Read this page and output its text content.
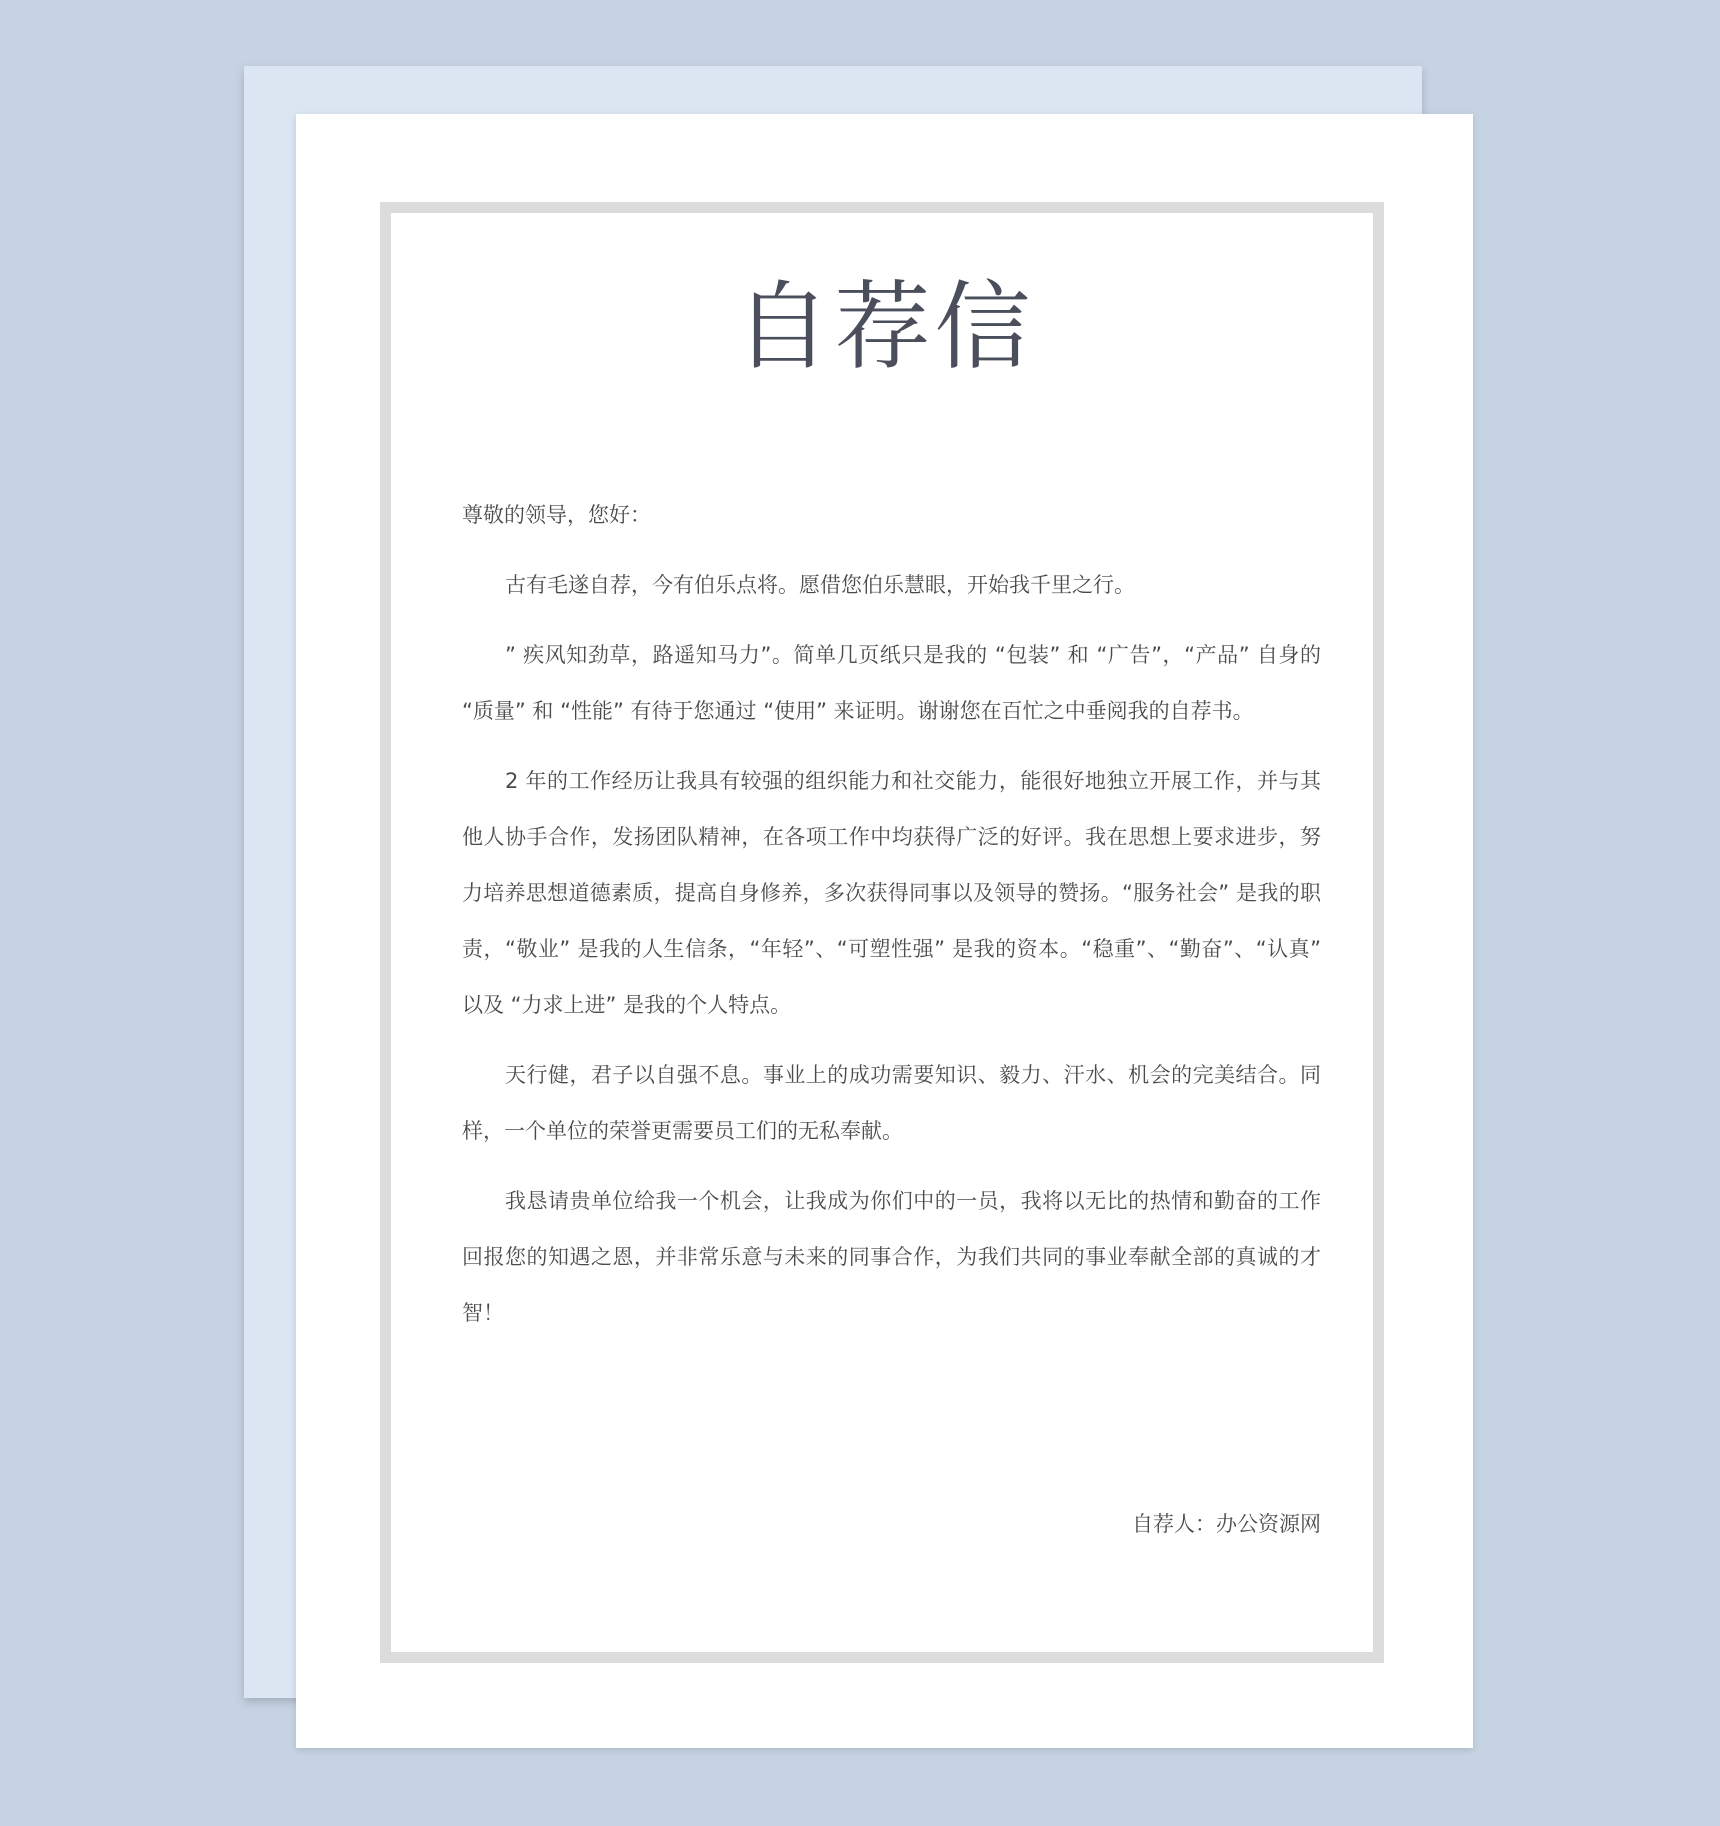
自荐信

尊敬的领导，您好：

古有毛遂自荐，今有伯乐点将。愿借您伯乐慧眼，开始我千里之行。

” 疾风知劲草，路遥知马力”。简单几页纸只是我的 “包装” 和 “广告”，“产品” 自身的 “质量” 和 “性能” 有待于您通过 “使用” 来证明。谢谢您在百忙之中垂阅我的自荐书。

2 年的工作经历让我具有较强的组织能力和社交能力，能很好地独立开展工作，并与其他人协手合作，发扬团队精神，在各项工作中均获得广泛的好评。我在思想上要求进步，努力培养思想道德素质，提高自身修养，多次获得同事以及领导的赞扬。“服务社会” 是我的职责，“敬业” 是我的人生信条，“年轻”、“可塑性强” 是我的资本。“稳重”、“勤奋”、“认真” 以及 “力求上进” 是我的个人特点。

天行健，君子以自强不息。事业上的成功需要知识、毅力、汗水、机会的完美结合。同样，一个单位的荣誉更需要员工们的无私奉献。

我恳请贵单位给我一个机会，让我成为你们中的一员，我将以无比的热情和勤奋的工作回报您的知遇之恩，并非常乐意与未来的同事合作，为我们共同的事业奉献全部的真诚的才智！

自荐人：办公资源网
